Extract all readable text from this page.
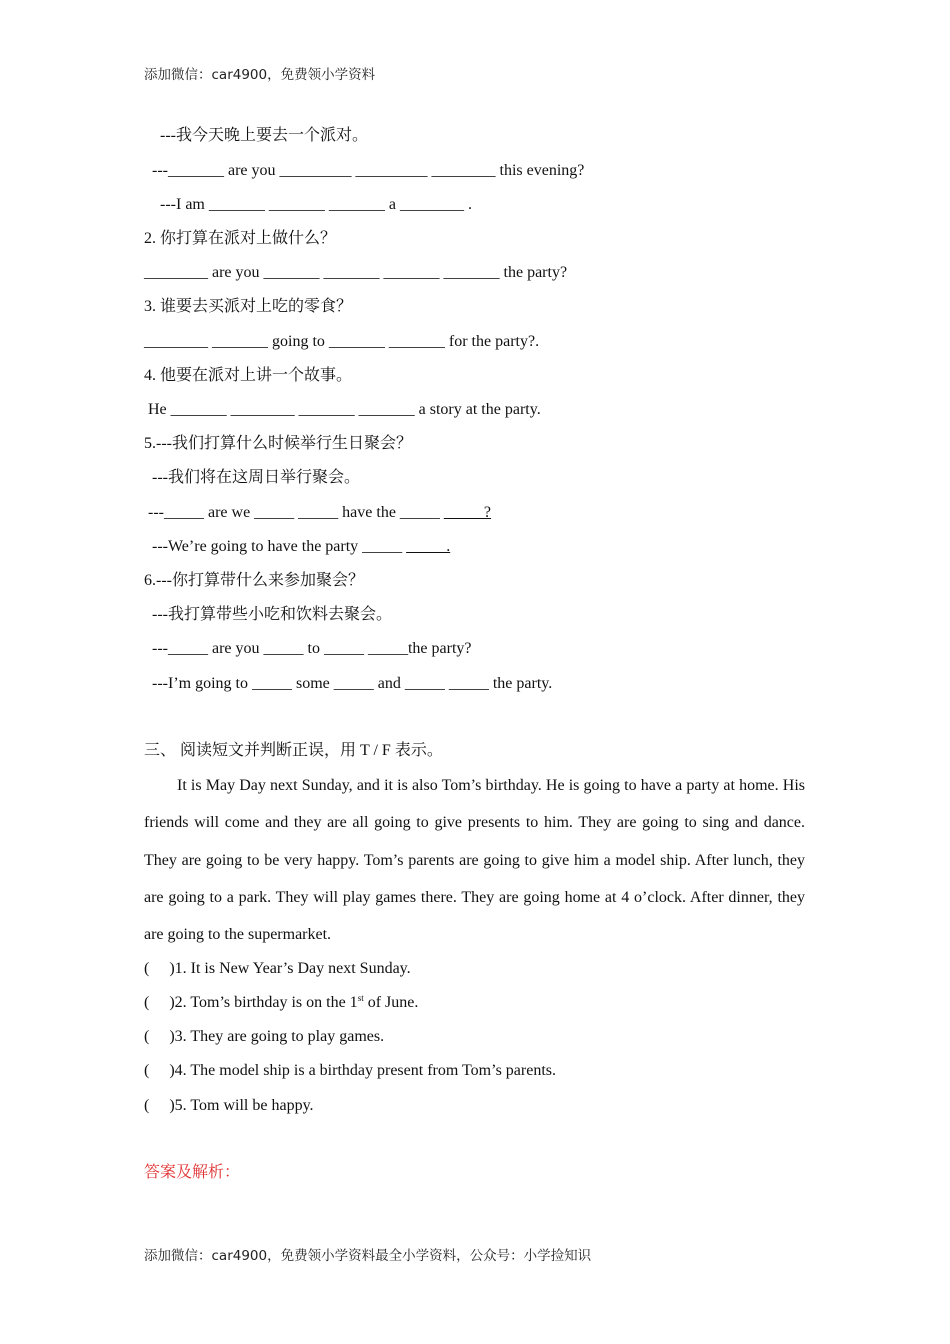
添加微信：car4900，免费领小学资料
---我今天晚上要去一个派对。
---_______ are you _________ _________ ________ this evening?
---I am _______ _______ _______ a ________ .
2. 你打算在派对上做什么？
________ are you _______ _______ _______ _______ the party?
3. 谁要去买派对上吃的零食？
________ _______ going to _______ _______ for the party?.
4. 他要在派对上讲一个故事。
He _______ ________ _______ _______ a story at the party.
5.---我们打算什么时候举行生日聚会？
---我们将在这周日举行聚会。
---_____ are we _____ _____ have the _____ _____?
---We’re going to have the party _____ _____.
6.---你打算带什么来参加聚会？
---我打算带些小吃和饮料去聚会。
---_____ are you _____ to _____ _____the party?
---I’m going to _____ some _____ and _____ _____ the party.
三、 阅读短文并判断正误，用 T / F 表示。
It is May Day next Sunday, and it is also Tom’s birthday. He is going to have a party at home. His friends will come and they are all going to give presents to him. They are going to sing and dance. They are going to be very happy. Tom’s parents are going to give him a model ship. After lunch, they are going to a park. They will play games there. They are going home at 4 o’clock. After dinner, they are going to the supermarket.
(     )1. It is New Year’s Day next Sunday.
(     )2. Tom’s birthday is on the 1st of June.
(     )3. They are going to play games.
(     )4. The model ship is a birthday present from Tom’s parents.
(     )5. Tom will be happy.
答案及解析：
添加微信：car4900，免费领小学资料最全小学资料，公众号：小学捡知识
